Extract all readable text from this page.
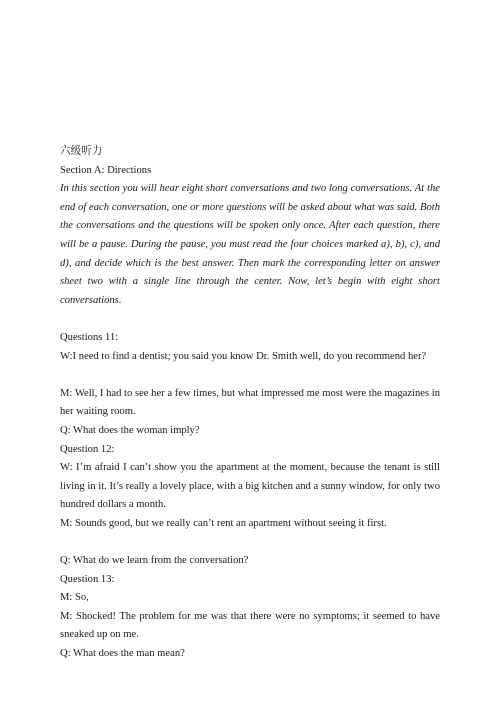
六级听力

Section A: Directions

In this section you will hear eight short conversations and two long conversations. At the end of each conversation, one or more questions will be asked about what was said. Both the conversations and the questions will be spoken only once. After each question, there will be a pause. During the pause, you must read the four choices marked a), b), c), and d), and decide which is the best answer. Then mark the corresponding letter on answer sheet two with a single line through the center. Now, let’s begin with eight short conversations.

Questions 11:

W:I need to find a dentist; you said you know Dr. Smith well, do you recommend her?

M: Well, I had to see her a few times, but what impressed me most were the magazines in her waiting room.

Q: What does the woman imply?

Question 12:

W: I’m afraid I can’t show you the apartment at the moment, because the tenant is still living in it. It’s really a lovely place, with a big kitchen and a sunny window, for only two hundred dollars a month.

M: Sounds good, but we really can’t rent an apartment without seeing it first.

Q: What do we learn from the conversation?

Question 13:

M: So,

M: Shocked! The problem for me was that there were no symptoms; it seemed to have sneaked up on me.

Q: What does the man mean?
